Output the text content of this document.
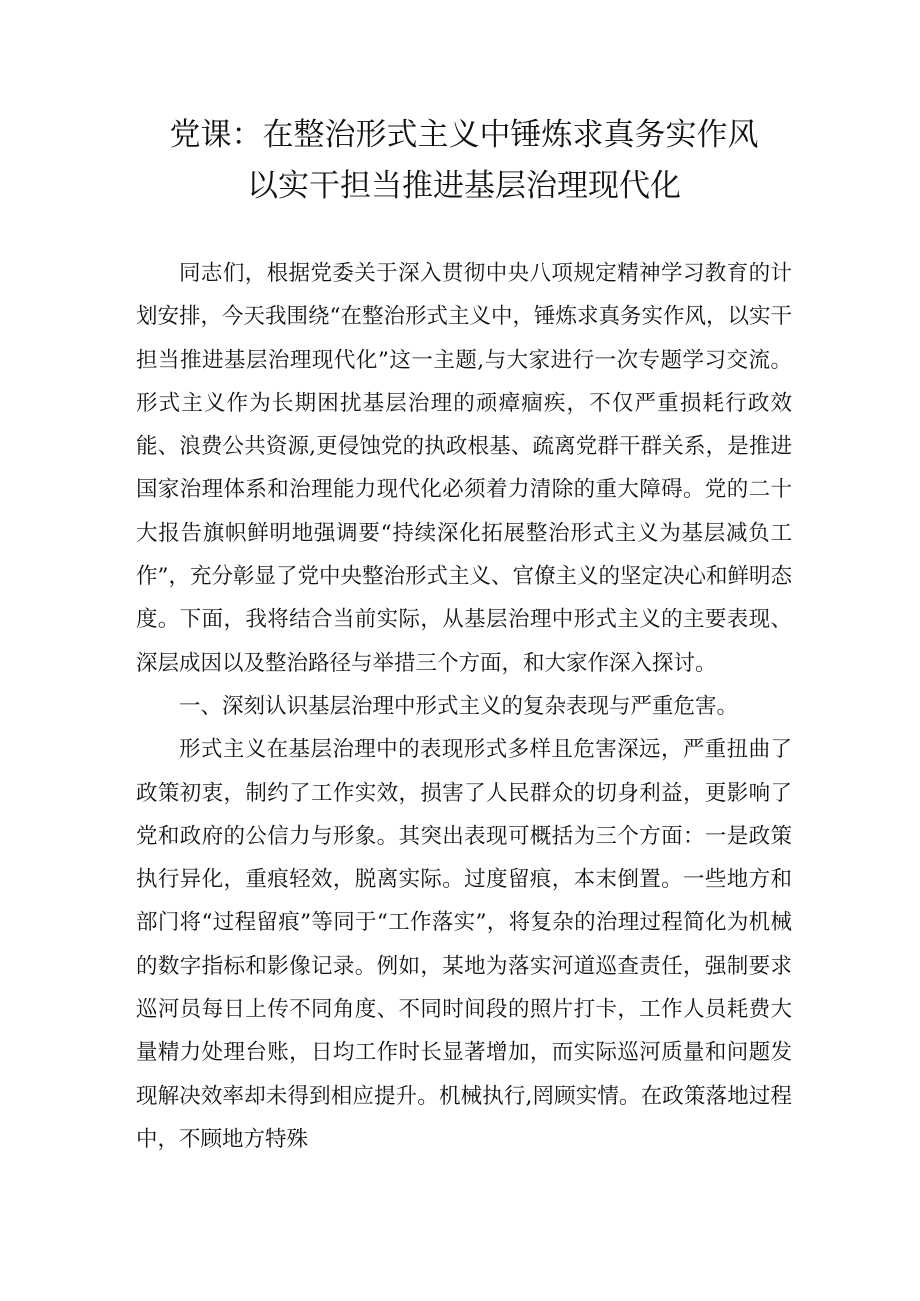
党课：在整治形式主义中锤炼求真务实作风
以实干担当推进基层治理现代化

同志们，根据党委关于深入贯彻中央八项规定精神学习教育的计划安排，今天我围绕“在整治形式主义中，锤炼求真务实作风，以实干担当推进基层治理现代化”这一主题,与大家进行一次专题学习交流。形式主义作为长期困扰基层治理的顽瘴痼疾，不仅严重损耗行政效能、浪费公共资源,更侵蚀党的执政根基、疏离党群干群关系，是推进国家治理体系和治理能力现代化必须着力清除的重大障碍。党的二十大报告旗帜鲜明地强调要“持续深化拓展整治形式主义为基层减负工作”，充分彰显了党中央整治形式主义、官僚主义的坚定决心和鲜明态度。下面，我将结合当前实际，从基层治理中形式主义的主要表现、深层成因以及整治路径与举措三个方面，和大家作深入探讨。

一、深刻认识基层治理中形式主义的复杂表现与严重危害。

形式主义在基层治理中的表现形式多样且危害深远，严重扭曲了政策初衷，制约了工作实效，损害了人民群众的切身利益，更影响了党和政府的公信力与形象。其突出表现可概括为三个方面：一是政策执行异化，重痕轻效，脱离实际。过度留痕，本末倒置。一些地方和部门将“过程留痕”等同于“工作落实”，将复杂的治理过程简化为机械的数字指标和影像记录。例如，某地为落实河道巡查责任，强制要求巡河员每日上传不同角度、不同时间段的照片打卡，工作人员耗费大量精力处理台账，日均工作时长显著增加，而实际巡河质量和问题发现解决效率却未得到相应提升。机械执行,罔顾实情。在政策落地过程中，不顾地方特殊
